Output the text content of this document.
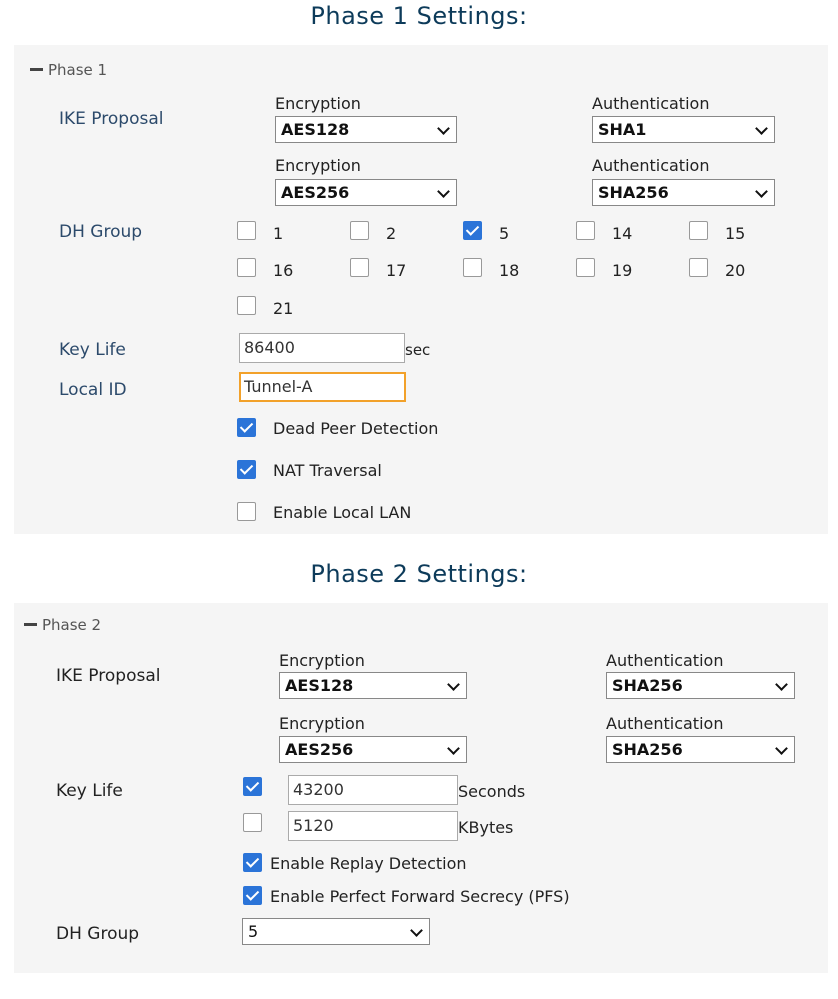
Phase 1 Settings:
Phase 1
IKE Proposal
Encryption
AES128
Authentication
SHA1
Encryption
AES256
Authentication
SHA256
DH Group	1	2	5	14	15
16	17	18	19	20
21
Key Life	86400	sec
Local ID	Tunnel-A
Dead Peer Detection
NAT Traversal
Enable Local LAN
Phase 2 Settings:
Phase 2
IKE Proposal
Encryption
AES128
Authentication
SHA256
Encryption
AES256
Authentication
SHA256
Key Life	43200	Seconds
5120	KBytes
Enable Replay Detection
Enable Perfect Forward Secrecy (PFS)
DH Group	5
